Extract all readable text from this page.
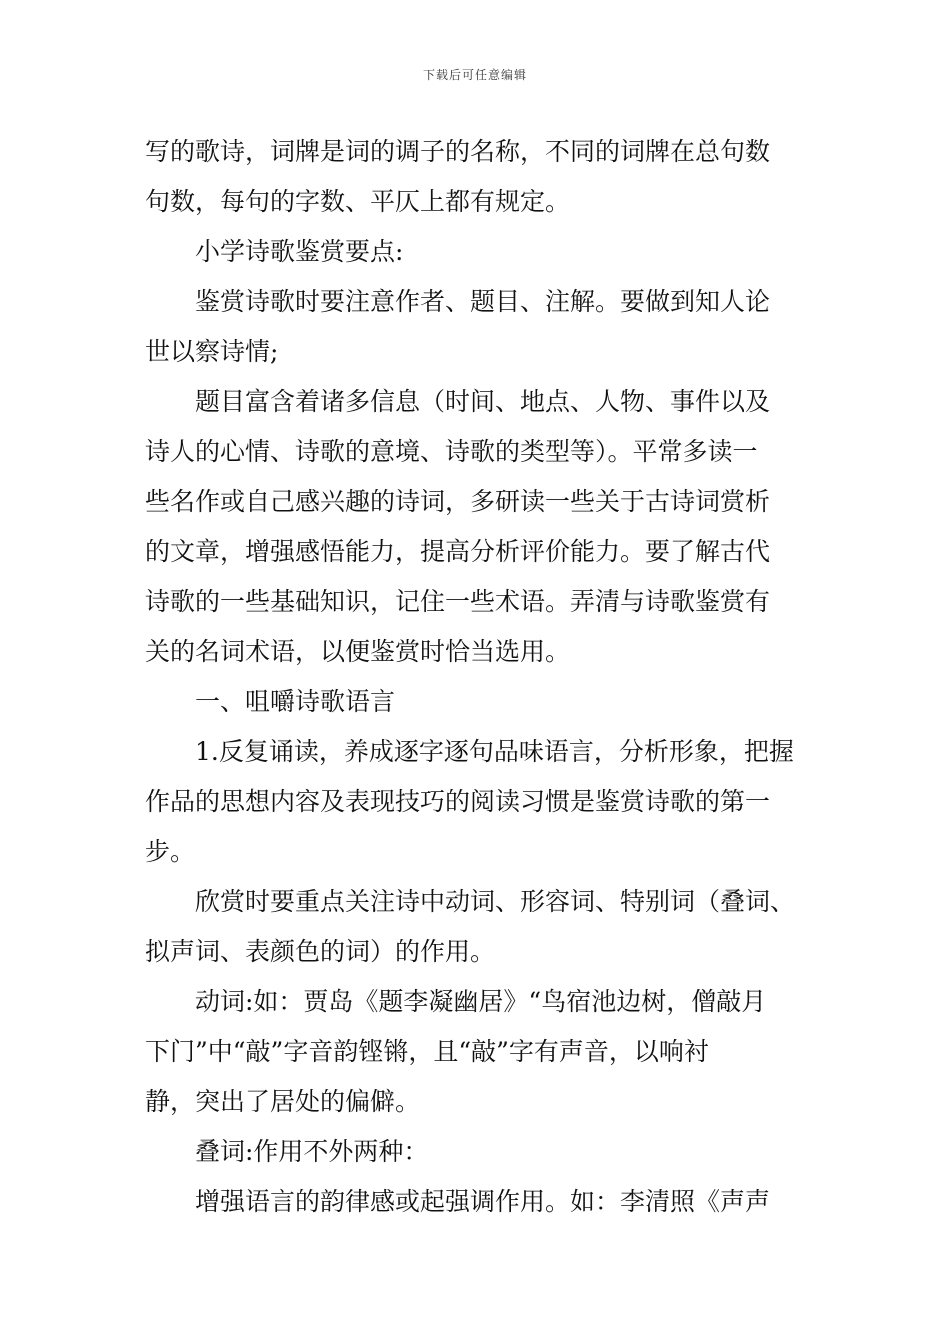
下载后可任意编辑
写的歌诗，词牌是词的调子的名称，不同的词牌在总句数
句数，每句的字数、平仄上都有规定。
小学诗歌鉴赏要点:
鉴赏诗歌时要注意作者、题目、注解。要做到知人论
世以察诗情;
题目富含着诸多信息（时间、地点、人物、事件以及
诗人的心情、诗歌的意境、诗歌的类型等）。平常多读一
些名作或自己感兴趣的诗词，多研读一些关于古诗词赏析
的文章，增强感悟能力，提高分析评价能力。要了解古代
诗歌的一些基础知识，记住一些术语。弄清与诗歌鉴赏有
关的名词术语，以便鉴赏时恰当选用。
一、咀嚼诗歌语言
1.反复诵读，养成逐字逐句品味语言，分析形象，把握
作品的思想内容及表现技巧的阅读习惯是鉴赏诗歌的第一
步。
欣赏时要重点关注诗中动词、形容词、特别词（叠词、
拟声词、表颜色的词）的作用。
动词:如：贾岛《题李凝幽居》“鸟宿池边树，僧敲月
下门”中“敲”字音韵铿锵，且“敲”字有声音，以响衬
静，突出了居处的偏僻。
叠词:作用不外两种：
增强语言的韵律感或起强调作用。如：李清照《声声
